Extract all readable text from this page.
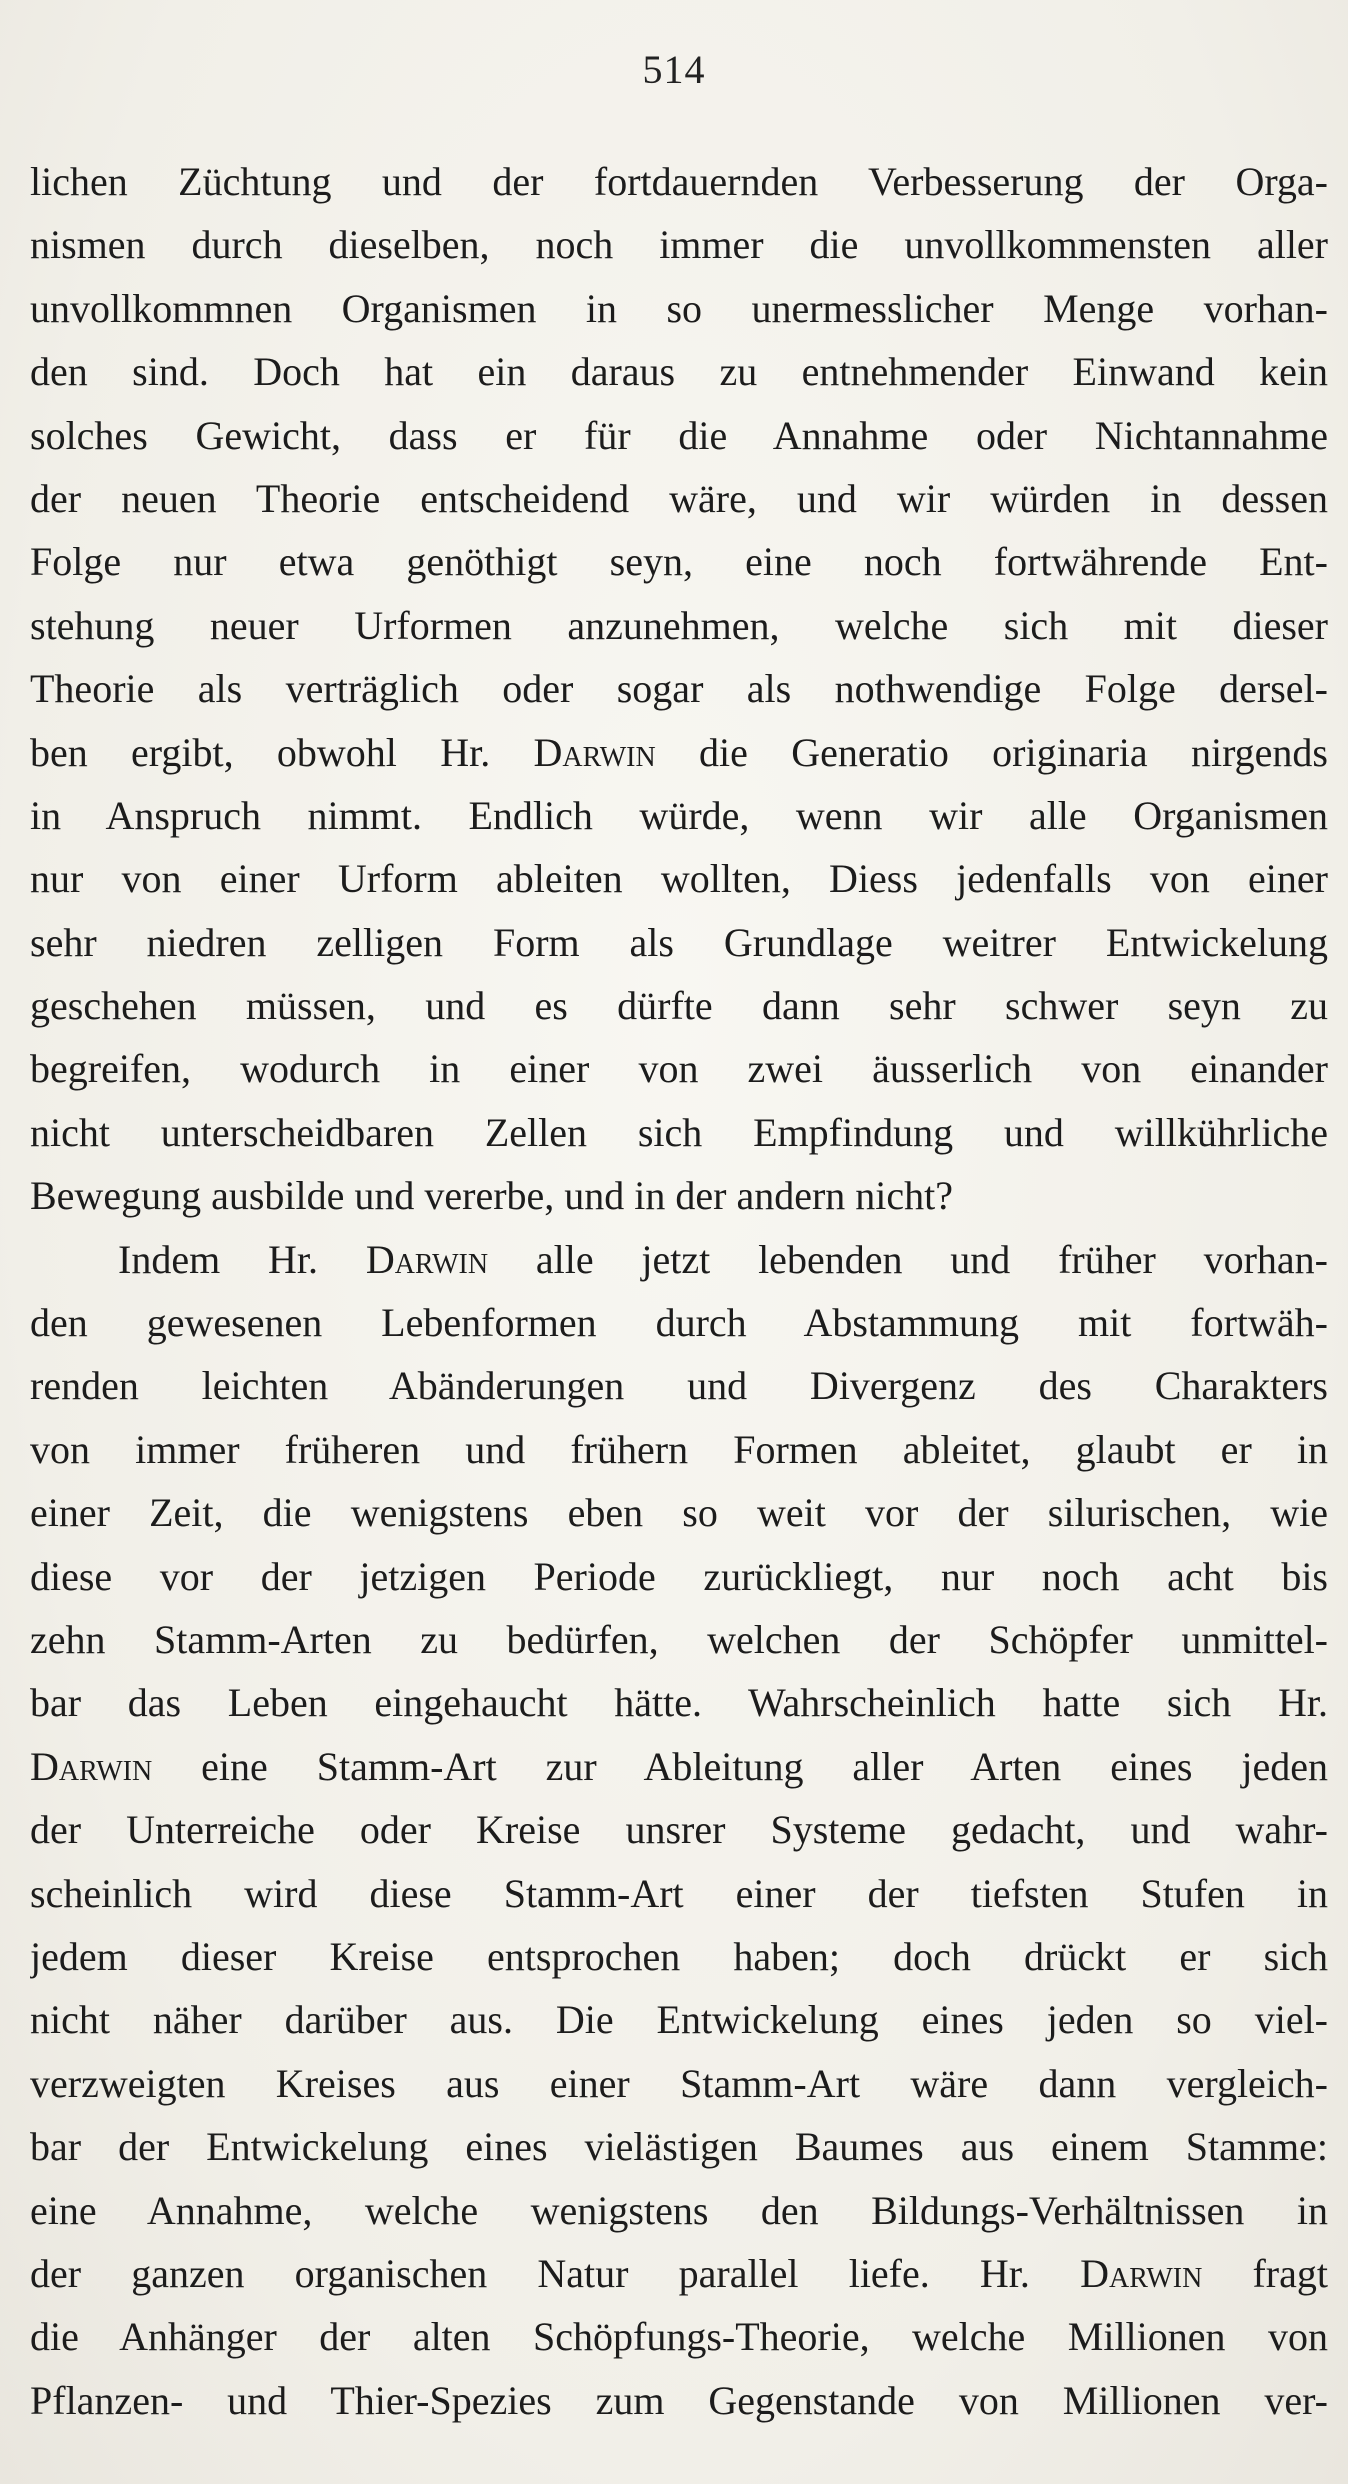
514
lichen Züchtung und der fortdauernden Verbesserung der Orga-
nismen durch dieselben, noch immer die unvollkommensten aller
unvollkommnen Organismen in so unermesslicher Menge vorhan-
den sind. Doch hat ein daraus zu entnehmender Einwand kein
solches Gewicht, dass er für die Annahme oder Nichtannahme
der neuen Theorie entscheidend wäre, und wir würden in dessen
Folge nur etwa genöthigt seyn, eine noch fortwährende Ent-
stehung neuer Urformen anzunehmen, welche sich mit dieser
Theorie als verträglich oder sogar als nothwendige Folge dersel-
ben ergibt, obwohl Hr. Darwin die Generatio originaria nirgends
in Anspruch nimmt. Endlich würde, wenn wir alle Organismen
nur von einer Urform ableiten wollten, Diess jedenfalls von einer
sehr niedren zelligen Form als Grundlage weitrer Entwickelung
geschehen müssen, und es dürfte dann sehr schwer seyn zu
begreifen, wodurch in einer von zwei äusserlich von einander
nicht unterscheidbaren Zellen sich Empfindung und willkührliche
Bewegung ausbilde und vererbe, und in der andern nicht?
Indem Hr. Darwin alle jetzt lebenden und früher vorhan-
den gewesenen Lebenformen durch Abstammung mit fortwäh-
renden leichten Abänderungen und Divergenz des Charakters
von immer früheren und frühern Formen ableitet, glaubt er in
einer Zeit, die wenigstens eben so weit vor der silurischen, wie
diese vor der jetzigen Periode zurückliegt, nur noch acht bis
zehn Stamm-Arten zu bedürfen, welchen der Schöpfer unmittel-
bar das Leben eingehaucht hätte. Wahrscheinlich hatte sich Hr.
Darwin eine Stamm-Art zur Ableitung aller Arten eines jeden
der Unterreiche oder Kreise unsrer Systeme gedacht, und wahr-
scheinlich wird diese Stamm-Art einer der tiefsten Stufen in
jedem dieser Kreise entsprochen haben; doch drückt er sich
nicht näher darüber aus. Die Entwickelung eines jeden so viel-
verzweigten Kreises aus einer Stamm-Art wäre dann vergleich-
bar der Entwickelung eines vielästigen Baumes aus einem Stamme:
eine Annahme, welche wenigstens den Bildungs-Verhältnissen in
der ganzen organischen Natur parallel liefe. Hr. Darwin fragt
die Anhänger der alten Schöpfungs-Theorie, welche Millionen von
Pflanzen- und Thier-Spezies zum Gegenstande von Millionen ver-
